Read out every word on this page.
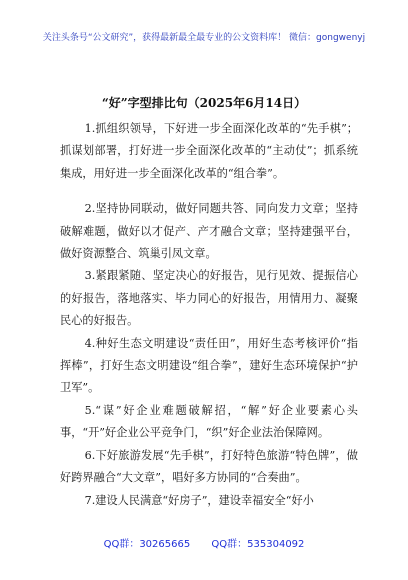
关注头条号“公文研究”，获得最新最全最专业的公文资料库！ 微信：gongwenyj
“好”字型排比句（2025年6月14日）

1.抓组织领导，下好进一步全面深化改革的“先手棋”；抓谋划部署，打好进一步全面深化改革的“主动仗”；抓系统集成，用好进一步全面深化改革的“组合拳”。

2.坚持协同联动，做好同题共答、同向发力文章；坚持破解难题，做好以才促产、产才融合文章；坚持建强平台，做好资源整合、筑巢引凤文章。

3.紧跟紧随、坚定决心的好报告，见行见效、提振信心的好报告，落地落实、毕力同心的好报告，用情用力、凝聚民心的好报告。

4.种好生态文明建设“责任田”，用好生态考核评价“指挥棒”，打好生态文明建设“组合拳”，建好生态环境保护“护卫军”。

5.“谋”好企业难题破解招，“解”好企业要素心头事，“开”好企业公平竞争门，“织”好企业法治保障网。

6.下好旅游发展“先手棋”，打好特色旅游“特色牌”，做好跨界融合“大文章”，唱好多方协同的“合奏曲”。

7.建设人民满意“好房子”，建设幸福安全“好小

QQ群：30265665 QQ群：535304092
